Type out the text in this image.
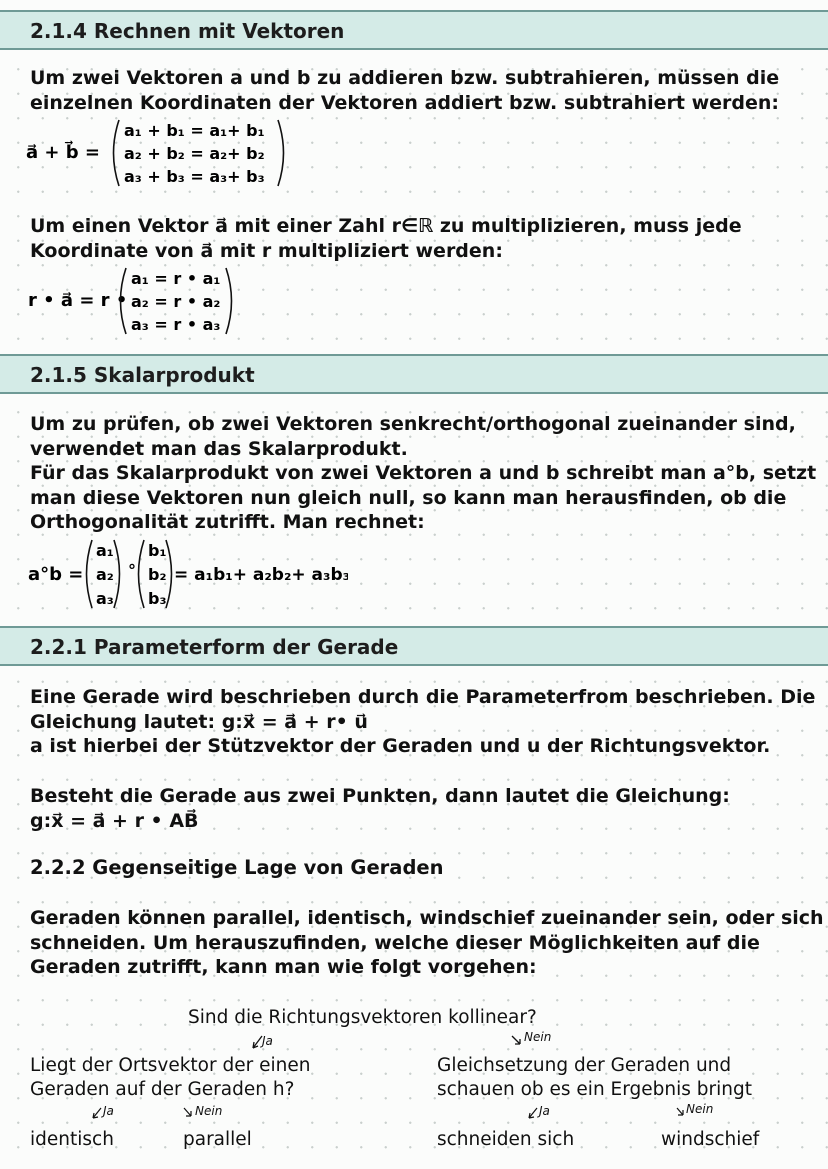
2.1.4 Rechnen mit Vektoren
Um zwei Vektoren a und b zu addieren bzw. subtrahieren, müssen die
einzelnen Koordinaten der Vektoren addiert bzw. subtrahiert werden:
a⃗ + b⃗ =
a₁ + b₁ = a₁+ b₁
a₂ + b₂ = a₂+ b₂
a₃ + b₃ = a₃+ b₃
Um einen Vektor a⃗ mit einer Zahl r∈ℝ zu multiplizieren, muss jede
Koordinate von a⃗ mit r multipliziert werden:
r • a⃗ = r •
a₁ = r • a₁
a₂ = r • a₂
a₃ = r • a₃
2.1.5 Skalarprodukt
Um zu prüfen, ob zwei Vektoren senkrecht/orthogonal zueinander sind,
verwendet man das Skalarprodukt.
Für das Skalarprodukt von zwei Vektoren a und b schreibt man a°b, setzt
man diese Vektoren nun gleich null, so kann man herausfinden, ob die
Orthogonalität zutrifft. Man rechnet:
a°b =
a₁
a₂
a₃
°
b₁
b₂
b₃
= a₁b₁+ a₂b₂+ a₃b₃
2.2.1 Parameterform der Gerade
Eine Gerade wird beschrieben durch die Parameterfrom beschrieben. Die
Gleichung lautet: g:x⃗ = a⃗ + r• u⃗
a ist hierbei der Stützvektor der Geraden und u der Richtungsvektor.
Besteht die Gerade aus zwei Punkten, dann lautet die Gleichung:
g:x⃗ = a⃗ + r • AB⃗
2.2.2 Gegenseitige Lage von Geraden
Geraden können parallel, identisch, windschief zueinander sein, oder sich
schneiden. Um herauszufinden, welche dieser Möglichkeiten auf die
Geraden zutrifft, kann man wie folgt vorgehen:
Sind die Richtungsvektoren kollinear?
Ja	Nein
Liegt der Ortsvektor der einen
Geraden auf der Geraden h?
Gleichsetzung der Geraden und
schauen ob es ein Ergebnis bringt
Ja	Nein	Ja	Nein
identisch	parallel	schneiden sich	windschief
